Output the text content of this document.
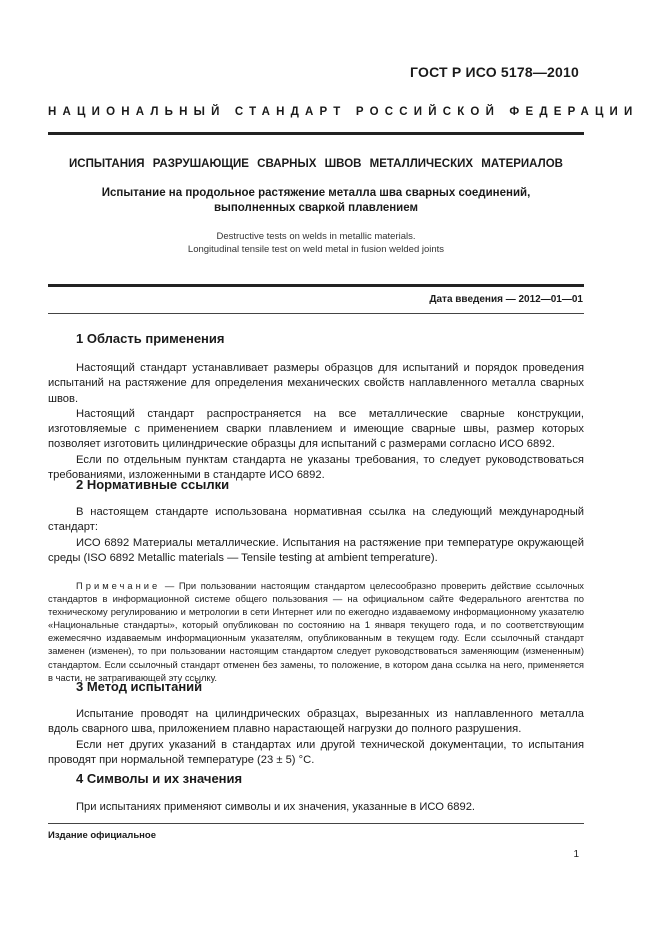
ГОСТ Р ИСО 5178—2010
НАЦИОНАЛЬНЫЙ СТАНДАРТ РОССИЙСКОЙ ФЕДЕРАЦИИ
ИСПЫТАНИЯ РАЗРУШАЮЩИЕ СВАРНЫХ ШВОВ МЕТАЛЛИЧЕСКИХ МАТЕРИАЛОВ
Испытание на продольное растяжение металла шва сварных соединений,
выполненных сваркой плавлением
Destructive tests on welds in metallic materials.
Longitudinal tensile test on weld metal in fusion welded joints
Дата введения — 2012—01—01
1 Область применения

Настоящий стандарт устанавливает размеры образцов для испытаний и порядок проведения испытаний на растяжение для определения механических свойств наплавленного металла сварных швов.

Настоящий стандарт распространяется на все металлические сварные конструкции, изготовляемые с применением сварки плавлением и имеющие сварные швы, размер которых позволяет изготовить цилиндрические образцы для испытаний с размерами согласно ИСО 6892.

Если по отдельным пунктам стандарта не указаны требования, то следует руководствоваться требованиями, изложенными в стандарте ИСО 6892.

2 Нормативные ссылки

В настоящем стандарте использована нормативная ссылка на следующий международный стандарт:

ИСО 6892 Материалы металлические. Испытания на растяжение при температуре окружающей среды (ISO 6892 Metallic materials — Tensile testing at ambient temperature).

Примечание — При пользовании настоящим стандартом целесообразно проверить действие ссылочных стандартов в информационной системе общего пользования — на официальном сайте Федерального агентства по техническому регулированию и метрологии в сети Интернет или по ежегодно издаваемому информационному указателю «Национальные стандарты», который опубликован по состоянию на 1 января текущего года, и по соответствующим ежемесячно издаваемым информационным указателям, опубликованным в текущем году. Если ссылочный стандарт заменен (изменен), то при пользовании настоящим стандартом следует руководствоваться заменяющим (измененным) стандартом. Если ссылочный стандарт отменен без замены, то положение, в котором дана ссылка на него, применяется в части, не затрагивающей эту ссылку.

3 Метод испытаний

Испытание проводят на цилиндрических образцах, вырезанных из наплавленного металла вдоль сварного шва, приложением плавно нарастающей нагрузки до полного разрушения.

Если нет других указаний в стандартах или другой технической документации, то испытания проводят при нормальной температуре (23 ± 5) °С.

4 Символы и их значения

При испытаниях применяют символы и их значения, указанные в ИСО 6892.

Издание официальное
1
